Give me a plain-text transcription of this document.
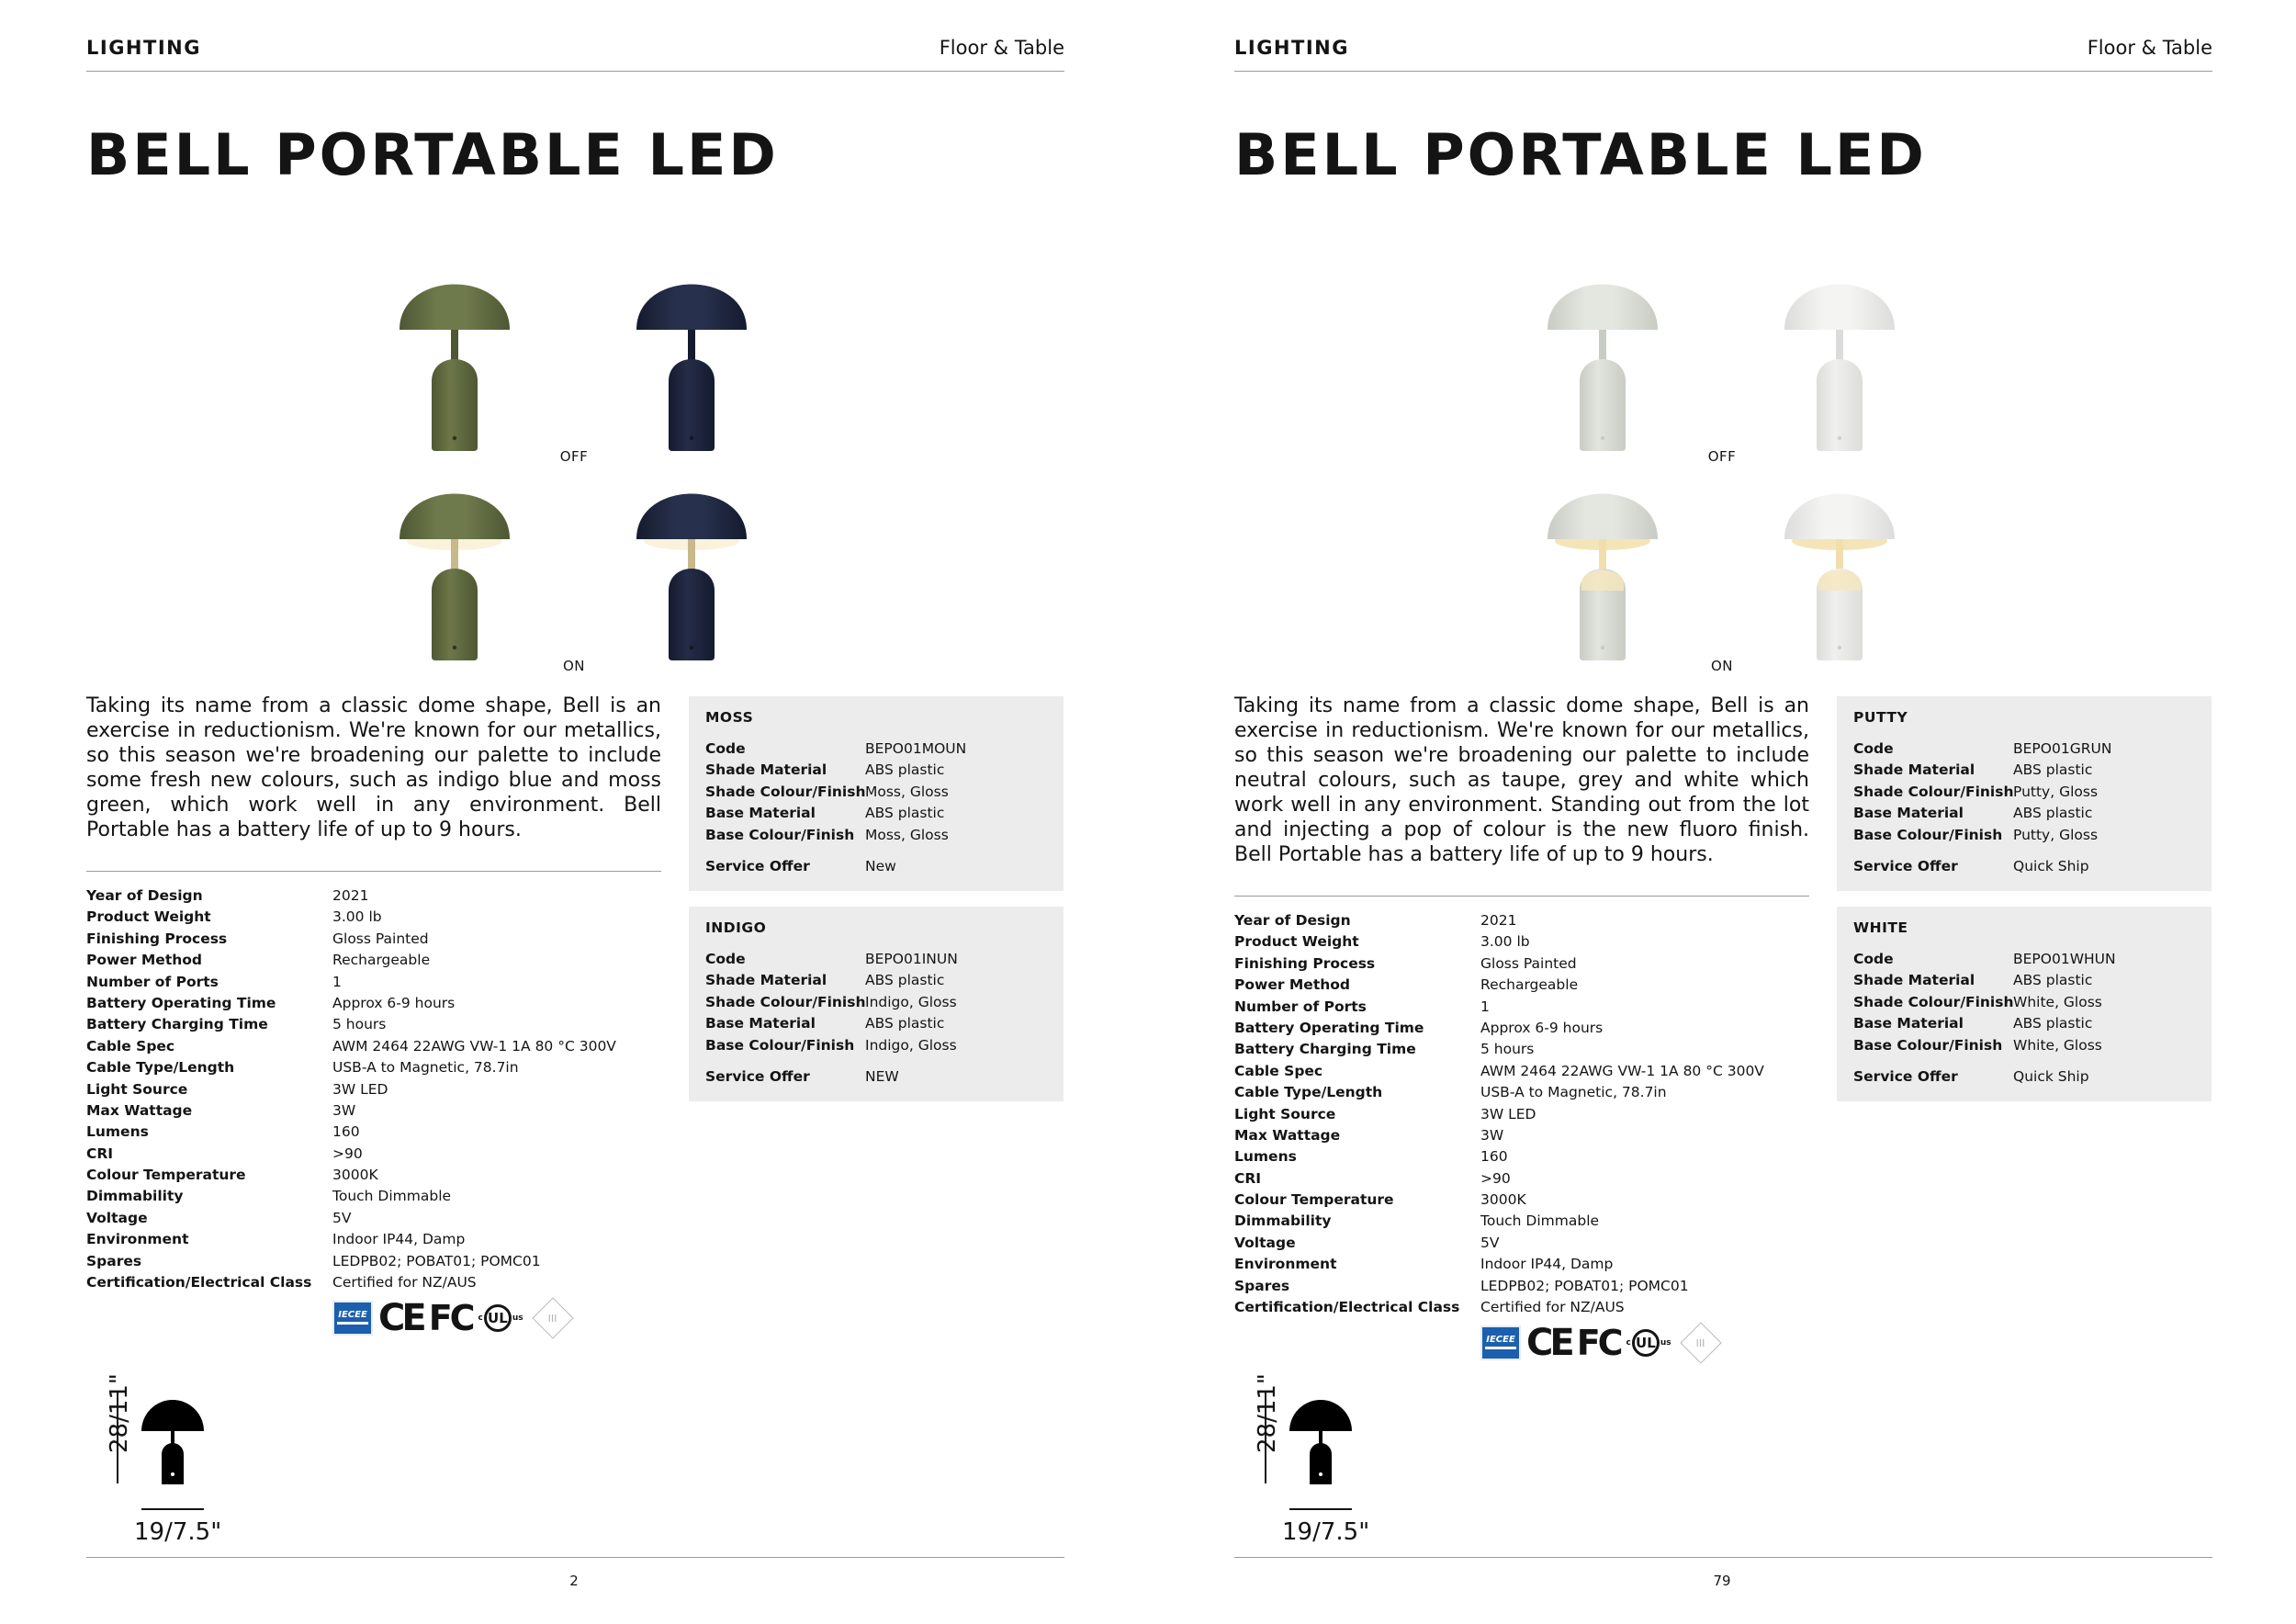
LIGHTING	Floor & Table
BELL PORTABLE LED
OFF
ON
Taking its name from a classic dome shape, Bell is an exercise in reductionism. We're known for our metallics, so this season we're broadening our palette to include some fresh new colours, such as indigo blue and moss green, which work well in any environment. Bell Portable has a battery life of up to 9 hours.
Year of Design	2021
Product Weight	3.00 lb
Finishing Process	Gloss Painted
Power Method	Rechargeable
Number of Ports	1
Battery Operating Time	Approx 6-9 hours
Battery Charging Time	5 hours
Cable Spec	AWM 2464 22AWG VW-1 1A 80 °C 300V
Cable Type/Length	USB-A to Magnetic, 78.7in
Light Source	3W LED
Max Wattage	3W
Lumens	160
CRI	>90
Colour Temperature	3000K
Dimmability	Touch Dimmable
Voltage	5V
Environment	Indoor IP44, Damp
Spares	LEDPB02; POBAT01; POMC01
Certification/Electrical Class	Certified for NZ/AUS
IECEE CE FC c UL us III
MOSS
Code	BEPO01MOUN
Shade Material	ABS plastic
Shade Colour/Finish Moss, Gloss
Base Material	ABS plastic
Base Colour/Finish Moss, Gloss
Service Offer	New
INDIGO
Code	BEPO01INUN
Shade Material	ABS plastic
Shade Colour/Finish Indigo, Gloss
Base Material	ABS plastic
Base Colour/Finish Indigo, Gloss
Service Offer	NEW
28/11"
19/7.5"
2
LIGHTING	Floor & Table
BELL PORTABLE LED
OFF
ON
Taking its name from a classic dome shape, Bell is an exercise in reductionism. We're known for our metallics, so this season we're broadening our palette to include neutral colours, such as taupe, grey and white which work well in any environment. Standing out from the lot and injecting a pop of colour is the new fluoro finish. Bell Portable has a battery life of up to 9 hours.
Year of Design	2021
Product Weight	3.00 lb
Finishing Process	Gloss Painted
Power Method	Rechargeable
Number of Ports	1
Battery Operating Time	Approx 6-9 hours
Battery Charging Time	5 hours
Cable Spec	AWM 2464 22AWG VW-1 1A 80 °C 300V
Cable Type/Length	USB-A to Magnetic, 78.7in
Light Source	3W LED
Max Wattage	3W
Lumens	160
CRI	>90
Colour Temperature	3000K
Dimmability	Touch Dimmable
Voltage	5V
Environment	Indoor IP44, Damp
Spares	LEDPB02; POBAT01; POMC01
Certification/Electrical Class	Certified for NZ/AUS
IECEE CE FC c UL us III
PUTTY
Code	BEPO01GRUN
Shade Material	ABS plastic
Shade Colour/Finish Putty, Gloss
Base Material	ABS plastic
Base Colour/Finish Putty, Gloss
Service Offer	Quick Ship
WHITE
Code	BEPO01WHUN
Shade Material	ABS plastic
Shade Colour/Finish White, Gloss
Base Material	ABS plastic
Base Colour/Finish White, Gloss
Service Offer	Quick Ship
28/11"
19/7.5"
79
